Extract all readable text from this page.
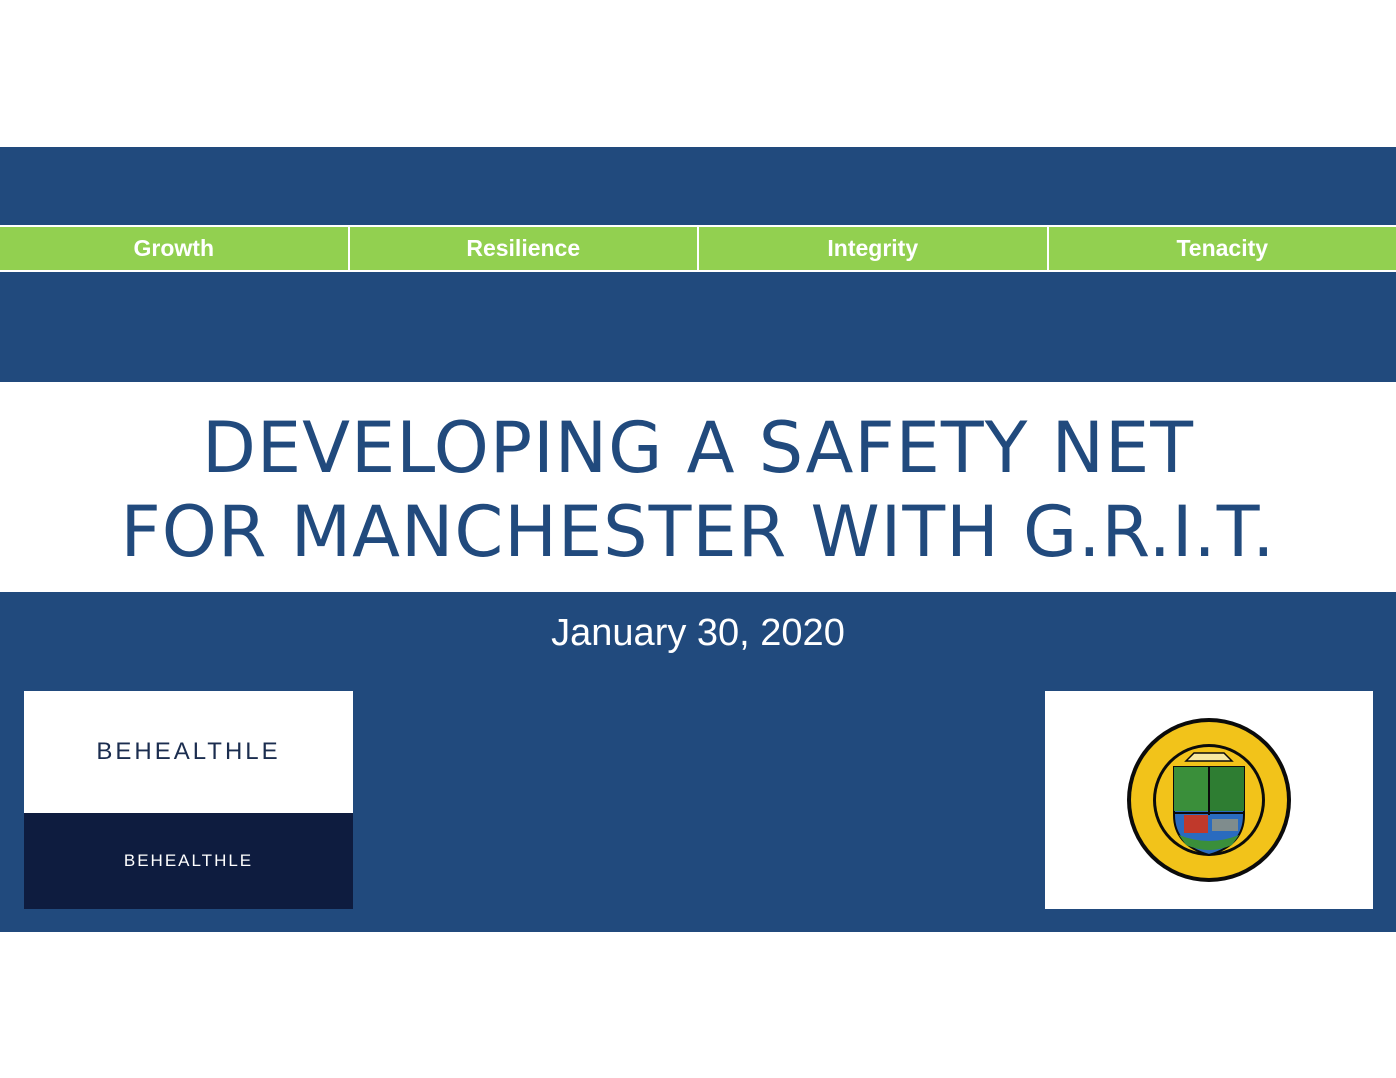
Growth	Resilience	Integrity	Tenacity
DEVELOPING A SAFETY NET
FOR MANCHESTER WITH G.R.I.T.
January 30, 2020
BEHEALTHLE
BEHEALTHLE
